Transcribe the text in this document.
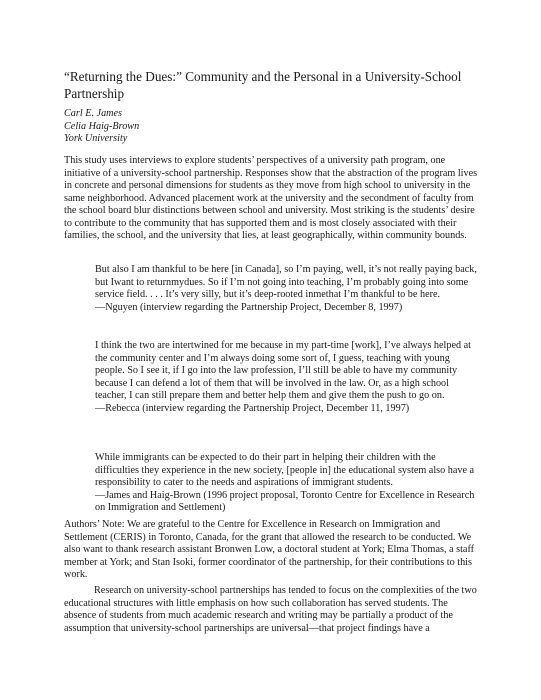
“Returning the Dues:” Community and the Personal in a University-School Partnership
Carl E. James
Celia Haig-Brown
York University

This study uses interviews to explore students’ perspectives of a university path program, one initiative of a university-school partnership. Responses show that the abstraction of the program lives in concrete and personal dimensions for students as they move from high school to university in the same neighborhood. Advanced placement work at the university and the secondment of faculty from the school board blur distinctions between school and university. Most striking is the students’ desire to contribute to the community that has supported them and is most closely associated with their families, the school, and the university that lies, at least geographically, within community bounds.

But also I am thankful to be here [in Canada], so I’m paying, well, it’s not really paying back, but Iwant to returnmydues. So if I’m not going into teaching, I’m probably going into some service field. . . . It’s very silly, but it’s deep-rooted inmethat I’m thankful to be here.
—Nguyen (interview regarding the Partnership Project, December 8, 1997)
I think the two are intertwined for me because in my part-time [work], I’ve always helped at the community center and I’m always doing some sort of, I guess, teaching with young people. So I see it, if I go into the law profession, I’ll still be able to have my community because I can defend a lot of them that will be involved in the law. Or, as a high school teacher, I can still prepare them and better help them and give them the push to go on.
—Rebecca (interview regarding the Partnership Project, December 11, 1997)
While immigrants can be expected to do their part in helping their children with the difficulties they experience in the new society, [people in] the educational system also have a responsibility to cater to the needs and aspirations of immigrant students.
—James and Haig-Brown (1996 project proposal, Toronto Centre for Excellence in Research on Immigration and Settlement)

Authors’ Note: We are grateful to the Centre for Excellence in Research on Immigration and Settlement (CERIS) in Toronto, Canada, for the grant that allowed the research to be conducted. We also want to thank research assistant Bronwen Low, a doctoral student at York; Elma Thomas, a staff member at York; and Stan Isoki, former coordinator of the partnership, for their contributions to this work.

Research on university-school partnerships has tended to focus on the complexities of the two educational structures with little emphasis on how such collaboration has served students. The absence of students from much academic research and writing may be partially a product of the assumption that university-school partnerships are universal—that project findings have a
